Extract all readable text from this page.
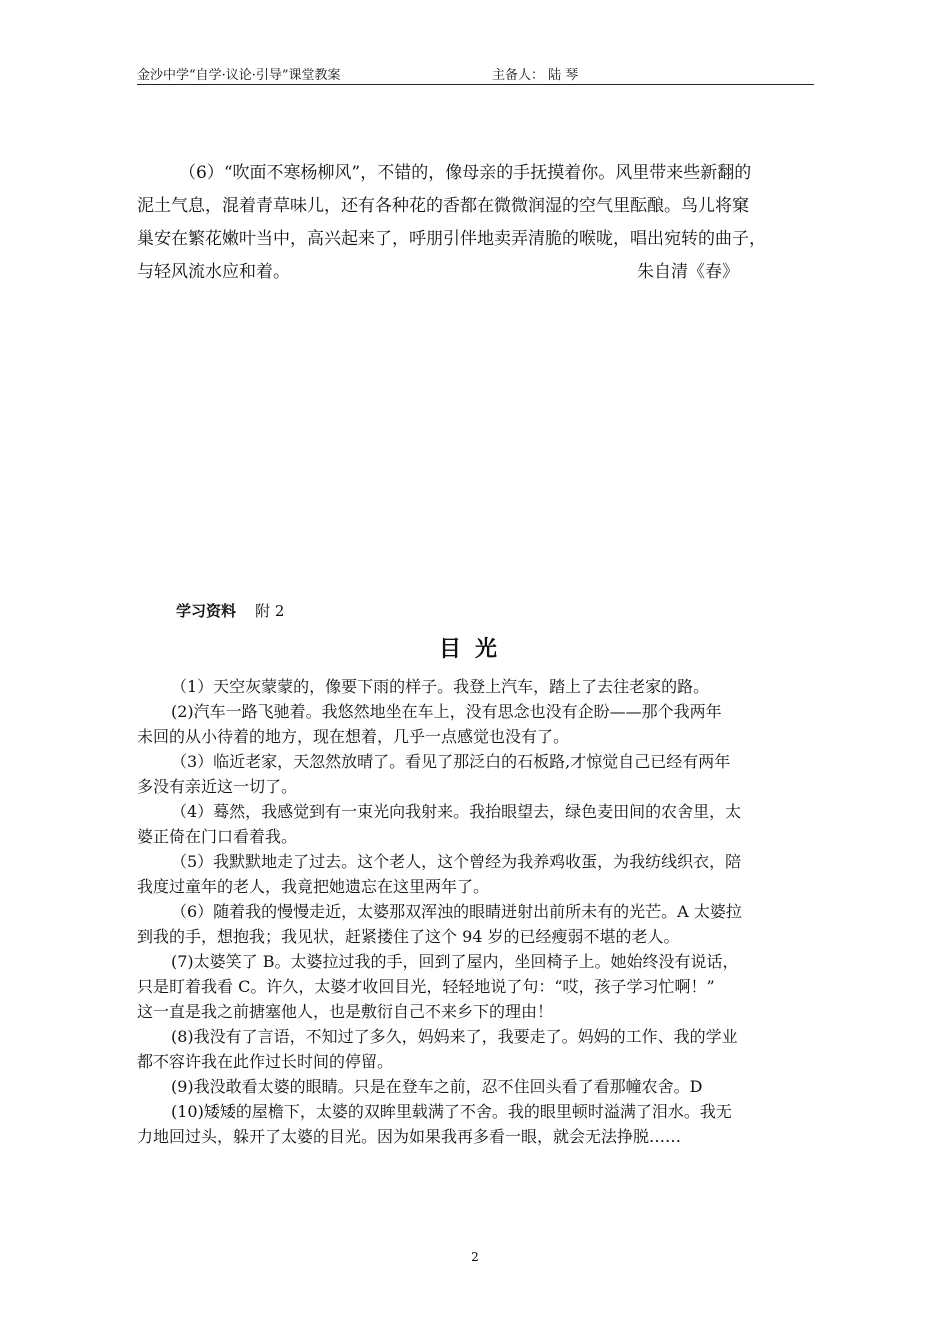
金沙中学“自学·议论·引导”课堂教案	主备人： 陆 琴

（6）“吹面不寒杨柳风”，不错的，像母亲的手抚摸着你。风里带来些新翻的

泥土气息，混着青草味儿，还有各种花的香都在微微润湿的空气里酝酿。鸟儿将窠

巢安在繁花嫩叶当中，高兴起来了，呼朋引伴地卖弄清脆的喉咙，唱出宛转的曲子，

与轻风流水应和着。	朱自清《春》

学习资料 附 2
目光

（1）天空灰蒙蒙的，像要下雨的样子。我登上汽车，踏上了去往老家的路。

(2)汽车一路飞驰着。我悠然地坐在车上，没有思念也没有企盼——那个我两年

未回的从小待着的地方，现在想着，几乎一点感觉也没有了。

（3）临近老家，天忽然放晴了。看见了那泛白的石板路,才惊觉自己已经有两年

多没有亲近这一切了。

（4）蓦然，我感觉到有一束光向我射来。我抬眼望去，绿色麦田间的农舍里，太

婆正倚在门口看着我。

（5）我默默地走了过去。这个老人，这个曾经为我养鸡收蛋，为我纺线织衣，陪

我度过童年的老人，我竟把她遗忘在这里两年了。

（6）随着我的慢慢走近，太婆那双浑浊的眼睛迸射出前所未有的光芒。A 太婆拉

到我的手，想抱我；我见状，赶紧搂住了这个 94 岁的已经瘦弱不堪的老人。

(7)太婆笑了 B。太婆拉过我的手，回到了屋内，坐回椅子上。她始终没有说话，

只是盯着我看 C。许久，太婆才收回目光，轻轻地说了句：“哎，孩子学习忙啊！”

这一直是我之前搪塞他人，也是敷衍自己不来乡下的理由！

(8)我没有了言语，不知过了多久，妈妈来了，我要走了。妈妈的工作、我的学业

都不容许我在此作过长时间的停留。

(9)我没敢看太婆的眼睛。只是在登车之前，忍不住回头看了看那幢农舍。D

(10)矮矮的屋檐下，太婆的双眸里载满了不舍。我的眼里顿时溢满了泪水。我无

力地回过头，躲开了太婆的目光。因为如果我再多看一眼，就会无法挣脱……

2
